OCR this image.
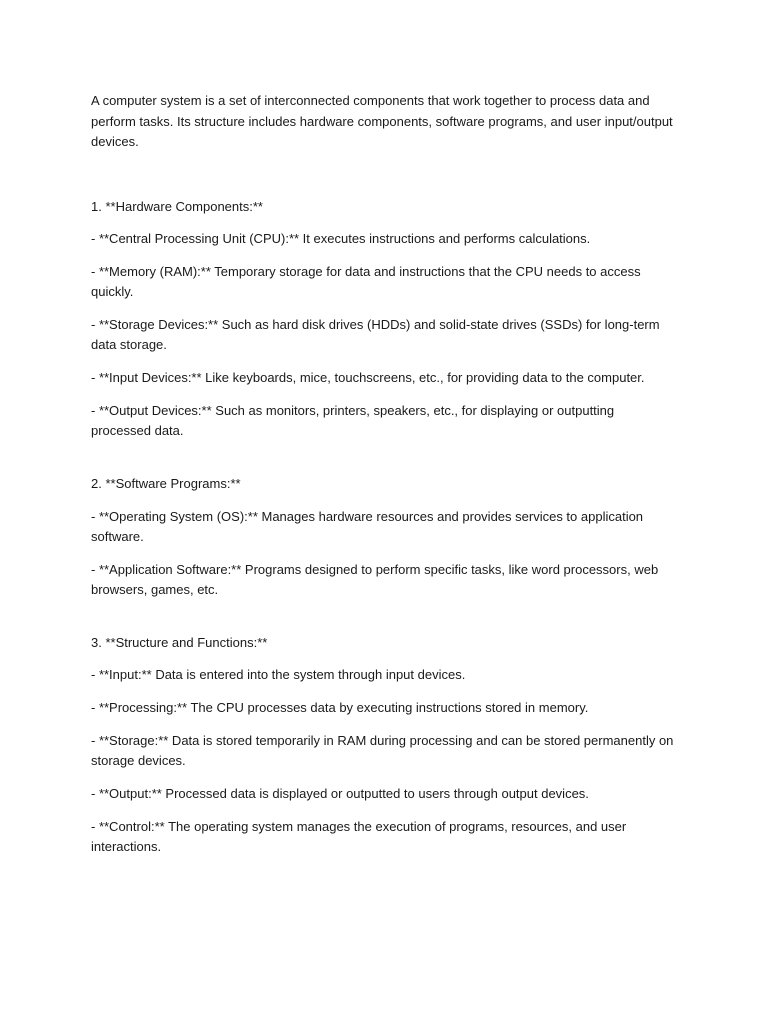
A computer system is a set of interconnected components that work together to process data and perform tasks. Its structure includes hardware components, software programs, and user input/output devices.

1. **Hardware Components:**

- **Central Processing Unit (CPU):** It executes instructions and performs calculations.

- **Memory (RAM):** Temporary storage for data and instructions that the CPU needs to access quickly.

- **Storage Devices:** Such as hard disk drives (HDDs) and solid-state drives (SSDs) for long-term data storage.

- **Input Devices:** Like keyboards, mice, touchscreens, etc., for providing data to the computer.

- **Output Devices:** Such as monitors, printers, speakers, etc., for displaying or outputting processed data.

2. **Software Programs:**

- **Operating System (OS):** Manages hardware resources and provides services to application software.

- **Application Software:** Programs designed to perform specific tasks, like word processors, web browsers, games, etc.

3. **Structure and Functions:**

- **Input:** Data is entered into the system through input devices.

- **Processing:** The CPU processes data by executing instructions stored in memory.

- **Storage:** Data is stored temporarily in RAM during processing and can be stored permanently on storage devices.

- **Output:** Processed data is displayed or outputted to users through output devices.

- **Control:** The operating system manages the execution of programs, resources, and user interactions.
